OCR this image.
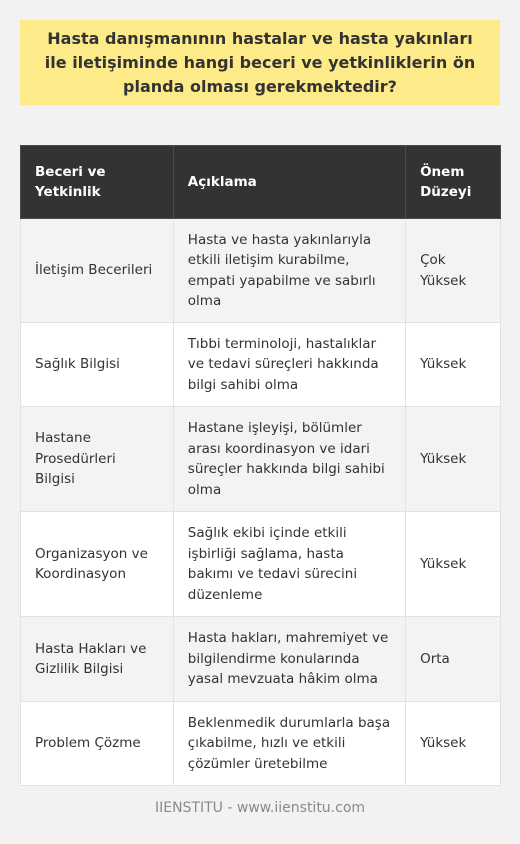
Hasta danışmanının hastalar ve hasta yakınları ile iletişiminde hangi beceri ve yetkinliklerin ön planda olması gerekmektedir?
Beceri ve Yetkinlik	Açıklama	Önem Düzeyi
İletişim Becerileri	Hasta ve hasta yakınlarıyla etkili iletişim kurabilme, empati yapabilme ve sabırlı olma	Çok Yüksek
Sağlık Bilgisi	Tıbbi terminoloji, hastalıklar ve tedavi süreçleri hakkında bilgi sahibi olma	Yüksek
Hastane Prosedürleri Bilgisi	Hastane işleyişi, bölümler arası koordinasyon ve idari süreçler hakkında bilgi sahibi olma	Yüksek
Organizasyon ve Koordinasyon	Sağlık ekibi içinde etkili işbirliği sağlama, hasta bakımı ve tedavi sürecini düzenleme	Yüksek
Hasta Hakları ve Gizlilik Bilgisi	Hasta hakları, mahremiyet ve bilgilendirme konularında yasal mevzuata hâkim olma	Orta
Problem Çözme	Beklenmedik durumlarla başa çıkabilme, hızlı ve etkili çözümler üretebilme	Yüksek
IIENSTITU - www.iienstitu.com
